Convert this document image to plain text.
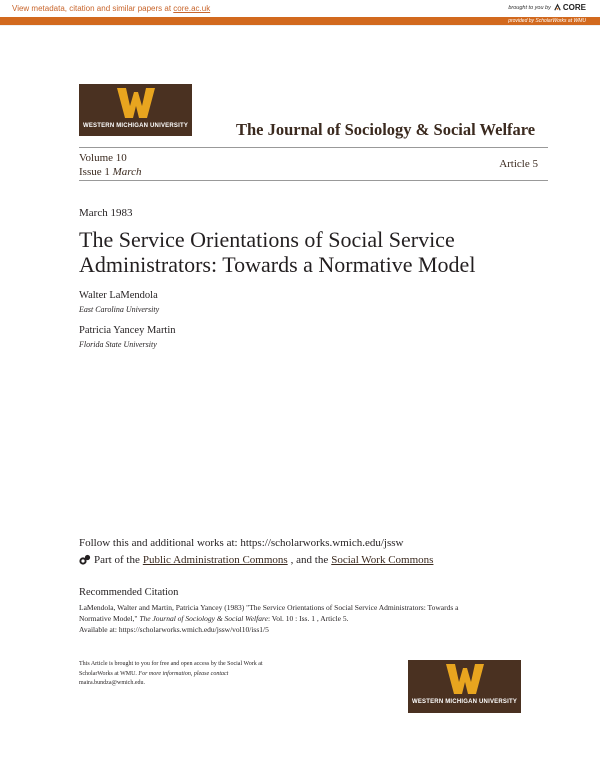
View metadata, citation and similar papers at core.ac.uk	brought to you by CORE
provided by ScholarWorks at WMU
WESTERN MICHIGAN UNIVERSITY	The Journal of Sociology & Social Welfare
Volume 10
Issue 1 March
Article 5
March 1983
The Service Orientations of Social Service Administrators: Towards a Normative Model
Walter LaMendola
East Carolina University
Patricia Yancey Martin
Florida State University
Follow this and additional works at: https://scholarworks.wmich.edu/jssw
Part of the Public Administration Commons , and the Social Work Commons
Recommended Citation
LaMendola, Walter and Martin, Patricia Yancey (1983) "The Service Orientations of Social Service Administrators: Towards a
Normative Model," The Journal of Sociology & Social Welfare: Vol. 10 : Iss. 1 , Article 5.
Available at: https://scholarworks.wmich.edu/jssw/vol10/iss1/5
This Article is brought to you for free and open access by the Social Work at
ScholarWorks at WMU. For more information, please contact
maira.bundza@wmich.edu.
WESTERN MICHIGAN UNIVERSITY
